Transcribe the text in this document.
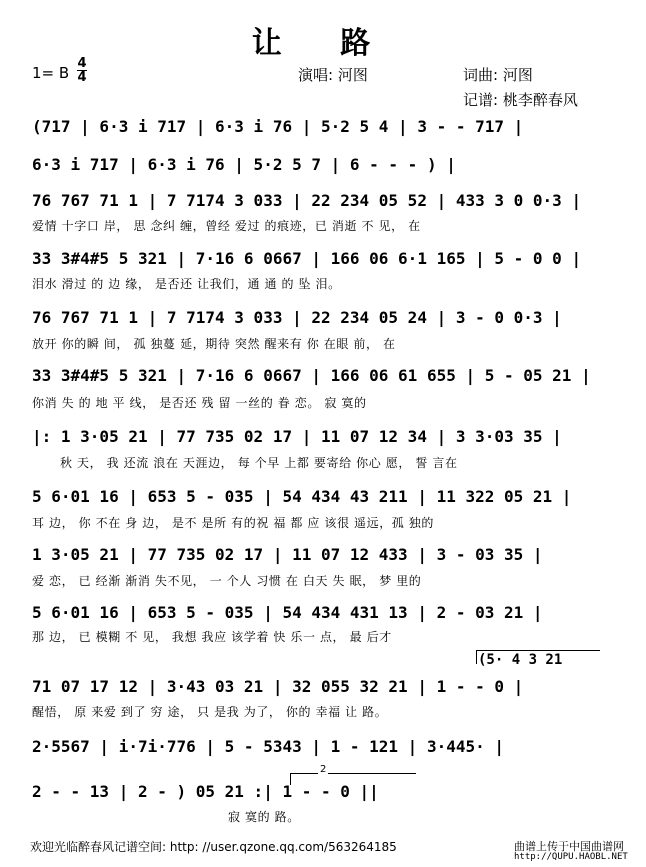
让 路
1= B
4
4	演唱: 河图	词曲: 河图
记谱: 桃李醉春风
(717 | 6·3 i 717 | 6·3 i 76 | 5·2 5 4 | 3 - - 717 |
6·3 i 717 | 6·3 i 76 | 5·2 5 7 | 6 - - - ) |
76 767 71 1 | 7 7174 3 033 | 22 234 05 52 | 433 3 0 0·3 |
爱情 十字口 岸， 思 念纠 缠，曾经 爱过 的痕迹，已 消逝 不 见， 在
33 3#4#5 5 321 | 7·16 6 0667 | 166 06 6·1 165 | 5 - 0 0 |
泪水 滑过 的 边 缘， 是否还 让我们，通 通 的 坠 泪。
76 767 71 1 | 7 7174 3 033 | 22 234 05 24 | 3 - 0 0·3 |
放开 你的瞬 间， 孤 独蔓 延，期待 突然 醒来有 你 在眼 前， 在
33 3#4#5 5 321 | 7·16 6 0667 | 166 06 61 655 | 5 - 05 21 |
你消 失 的 地 平 线， 是否还 残 留 一丝的 眷 恋。 寂 寞的
|: 1 3·05 21 | 77 735 02 17 | 11 07 12 34 | 3 3·03 35 |
秋 天， 我 还流 浪在 天涯边， 每 个早 上都 要寄给 你心 愿， 誓 言在
5 6·01 16 | 653 5 - 035 | 54 434 43 211 | 11 322 05 21 |
耳 边， 你 不在 身 边， 是不 是所 有的祝 福 都 应 该很 遥远，孤 独的
1 3·05 21 | 77 735 02 17 | 11 07 12 433 | 3 - 03 35 |
爱 恋， 已 经渐 渐消 失不见， 一 个人 习惯 在 白天 失 眠， 梦 里的
5 6·01 16 | 653 5 - 035 | 54 434 431 13 | 2 - 03 21 |
那 边， 已 模糊 不 见， 我想 我应 该学着 快 乐一 点， 最 后才
(5· 4 3 21
71 07 17 12 | 3·43 03 21 | 32 055 32 21 | 1 - - 0 |
醒悟， 原 来爱 到了 穷 途， 只 是我 为了， 你的 幸福 让 路。
2·5567 | i·7i·776 | 5 - 5343 | 1 - 121 | 3·445· |
2
2 - - 13 | 2 - ) 05 21 :| 1 - - 0 ||
寂 寞的 路。
欢迎光临醉春风记谱空间: http: //user.qzone.qq.com/563264185	曲谱上传于中国曲谱网
http://QUPU.HAOBL.NET
